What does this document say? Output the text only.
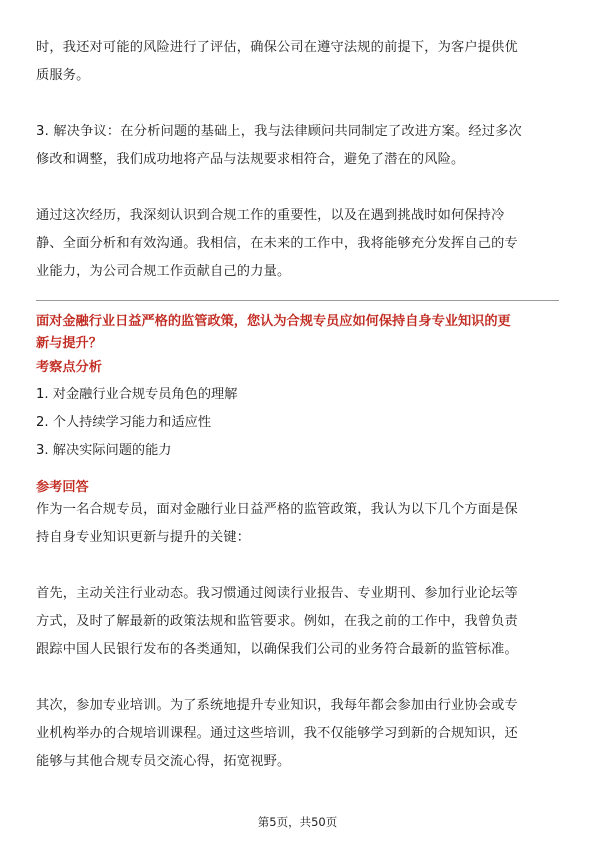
时，我还对可能的风险进行了评估，确保公司在遵守法规的前提下，为客户提供优
质服务。
3. 解决争议：在分析问题的基础上，我与法律顾问共同制定了改进方案。经过多次
修改和调整，我们成功地将产品与法规要求相符合，避免了潜在的风险。
通过这次经历，我深刻认识到合规工作的重要性，以及在遇到挑战时如何保持冷
静、全面分析和有效沟通。我相信，在未来的工作中，我将能够充分发挥自己的专
业能力，为公司合规工作贡献自己的力量。
面对金融行业日益严格的监管政策，您认为合规专员应如何保持自身专业知识的更
新与提升？
考察点分析
1. 对金融行业合规专员角色的理解
2. 个人持续学习能力和适应性
3. 解决实际问题的能力
参考回答
作为一名合规专员，面对金融行业日益严格的监管政策，我认为以下几个方面是保
持自身专业知识更新与提升的关键：
首先，主动关注行业动态。我习惯通过阅读行业报告、专业期刊、参加行业论坛等
方式，及时了解最新的政策法规和监管要求。例如，在我之前的工作中，我曾负责
跟踪中国人民银行发布的各类通知，以确保我们公司的业务符合最新的监管标准。
其次，参加专业培训。为了系统地提升专业知识，我每年都会参加由行业协会或专
业机构举办的合规培训课程。通过这些培训，我不仅能够学习到新的合规知识，还
能够与其他合规专员交流心得，拓宽视野。
第5页，共50页
